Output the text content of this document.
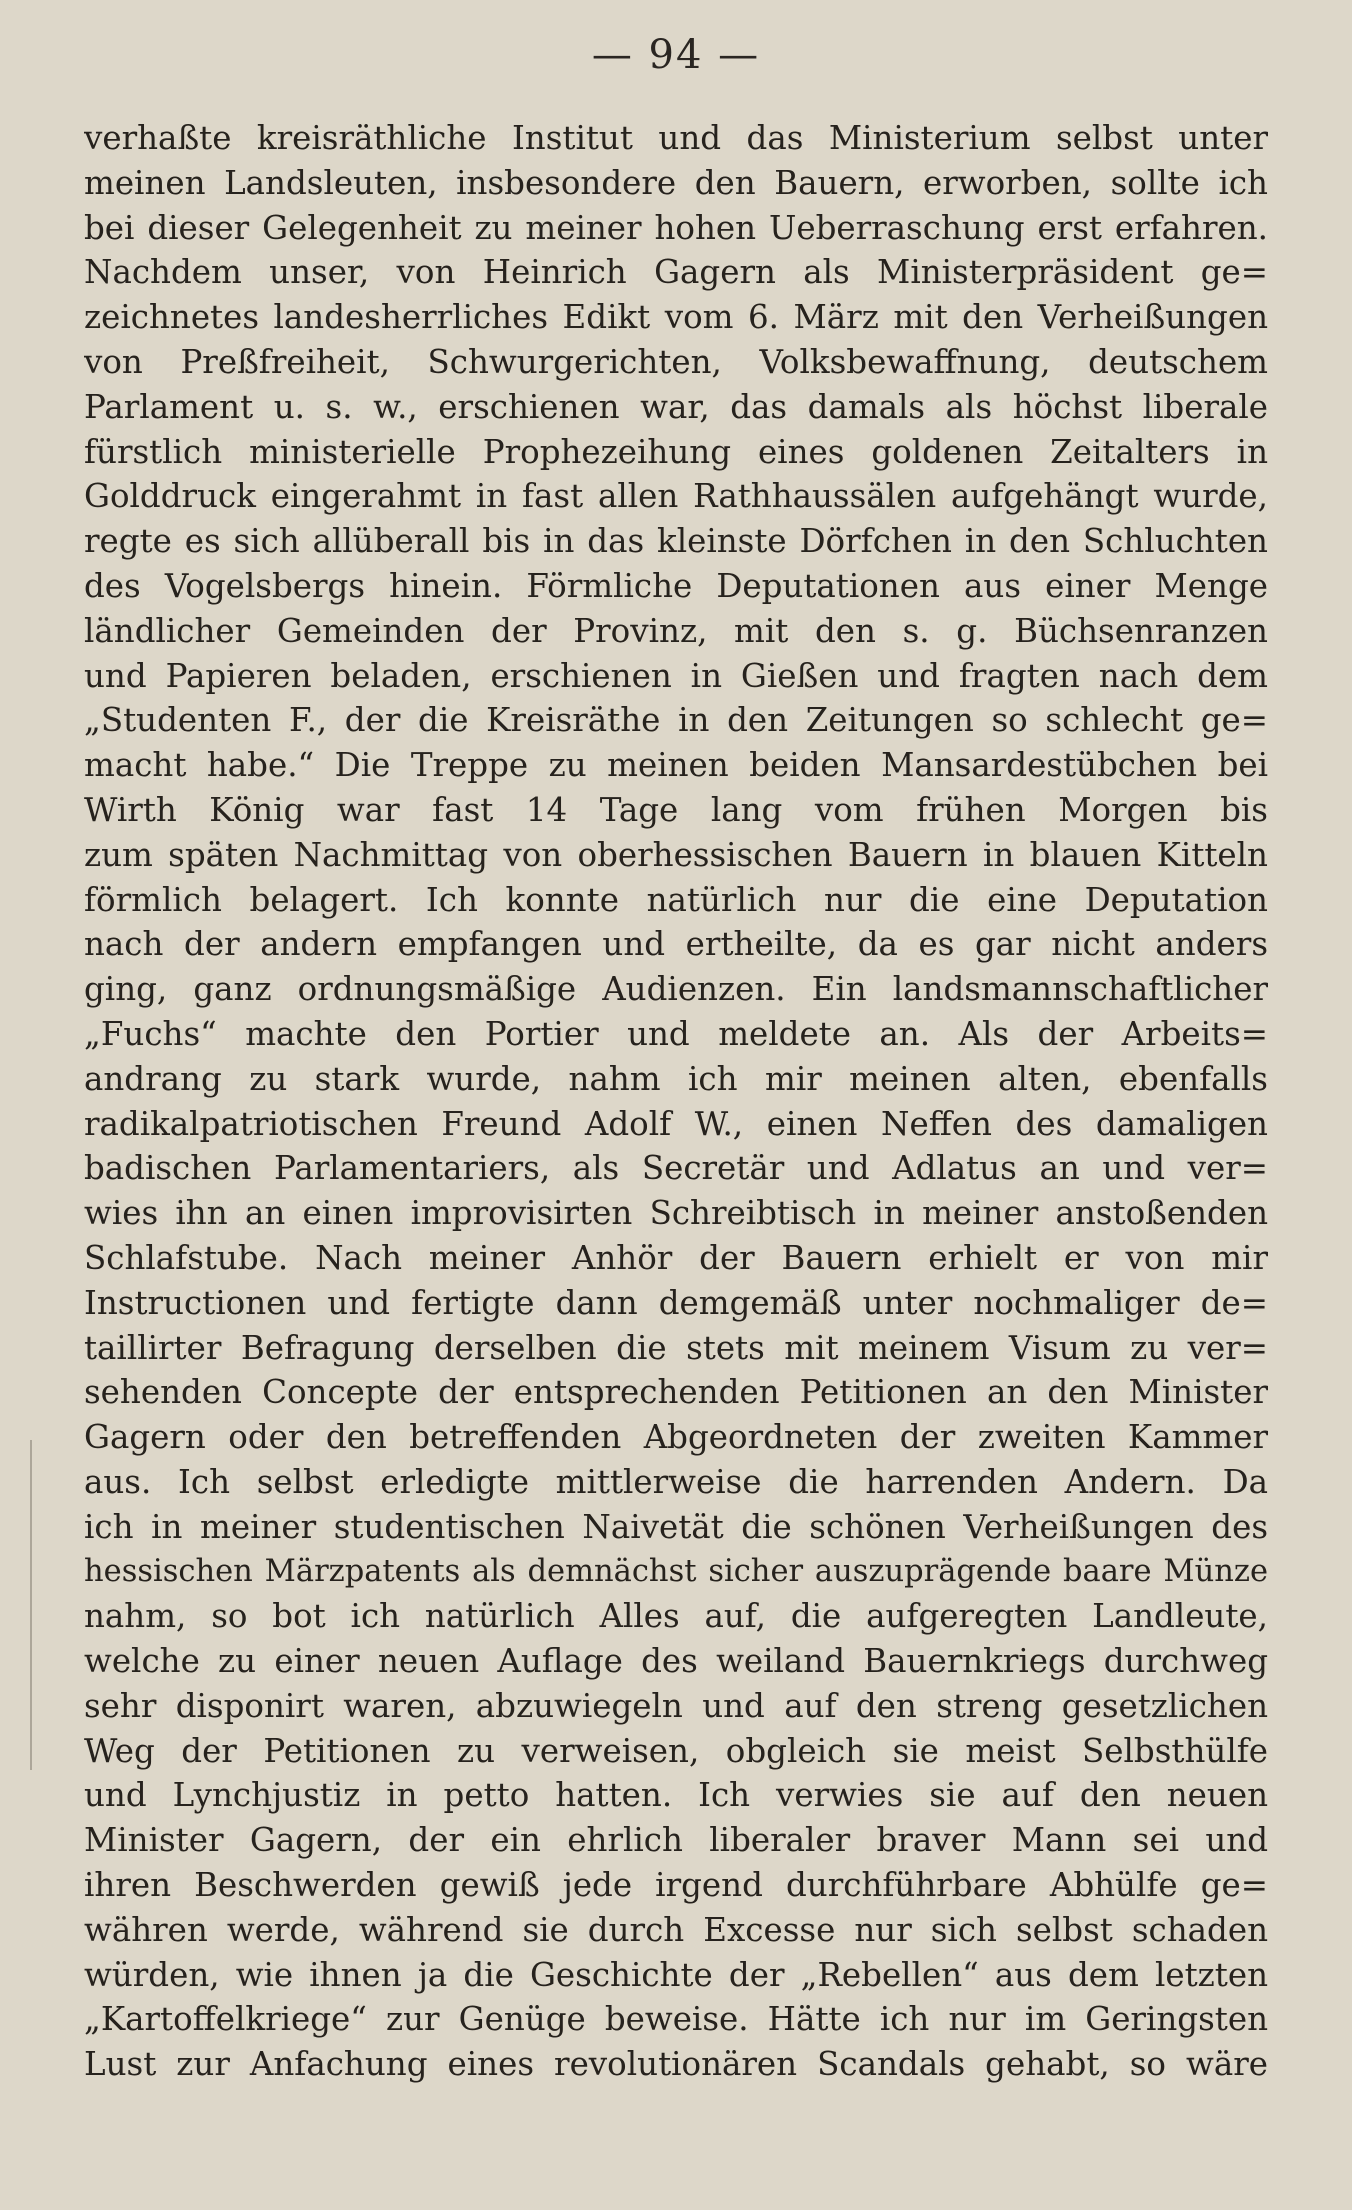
— 94 —
verhaßte kreisräthliche Institut und das Ministerium selbst unter
meinen Landsleuten, insbesondere den Bauern, erworben, sollte ich
bei dieser Gelegenheit zu meiner hohen Ueberraschung erst erfahren.
Nachdem unser, von Heinrich Gagern als Ministerpräsident ge=
zeichnetes landesherrliches Edikt vom 6. März mit den Verheißungen
von Preßfreiheit, Schwurgerichten, Volksbewaffnung, deutschem
Parlament u. s. w., erschienen war, das damals als höchst liberale
fürstlich ministerielle Prophezeihung eines goldenen Zeitalters in
Golddruck eingerahmt in fast allen Rathhaussälen aufgehängt wurde,
regte es sich allüberall bis in das kleinste Dörfchen in den Schluchten
des Vogelsbergs hinein. Förmliche Deputationen aus einer Menge
ländlicher Gemeinden der Provinz, mit den s. g. Büchsenranzen
und Papieren beladen, erschienen in Gießen und fragten nach dem
„Studenten F., der die Kreisräthe in den Zeitungen so schlecht ge=
macht habe.“ Die Treppe zu meinen beiden Mansardestübchen bei
Wirth König war fast 14 Tage lang vom frühen Morgen bis
zum späten Nachmittag von oberhessischen Bauern in blauen Kitteln
förmlich belagert. Ich konnte natürlich nur die eine Deputation
nach der andern empfangen und ertheilte, da es gar nicht anders
ging, ganz ordnungsmäßige Audienzen. Ein landsmannschaftlicher
„Fuchs“ machte den Portier und meldete an. Als der Arbeits=
andrang zu stark wurde, nahm ich mir meinen alten, ebenfalls
radikalpatriotischen Freund Adolf W., einen Neffen des damaligen
badischen Parlamentariers, als Secretär und Adlatus an und ver=
wies ihn an einen improvisirten Schreibtisch in meiner anstoßenden
Schlafstube. Nach meiner Anhör der Bauern erhielt er von mir
Instructionen und fertigte dann demgemäß unter nochmaliger de=
taillirter Befragung derselben die stets mit meinem Visum zu ver=
sehenden Concepte der entsprechenden Petitionen an den Minister
Gagern oder den betreffenden Abgeordneten der zweiten Kammer
aus. Ich selbst erledigte mittlerweise die harrenden Andern. Da
ich in meiner studentischen Naivetät die schönen Verheißungen des
hessischen Märzpatents als demnächst sicher auszuprägende baare Münze
nahm, so bot ich natürlich Alles auf, die aufgeregten Landleute,
welche zu einer neuen Auflage des weiland Bauernkriegs durchweg
sehr disponirt waren, abzuwiegeln und auf den streng gesetzlichen
Weg der Petitionen zu verweisen, obgleich sie meist Selbsthülfe
und Lynchjustiz in petto hatten. Ich verwies sie auf den neuen
Minister Gagern, der ein ehrlich liberaler braver Mann sei und
ihren Beschwerden gewiß jede irgend durchführbare Abhülfe ge=
währen werde, während sie durch Excesse nur sich selbst schaden
würden, wie ihnen ja die Geschichte der „Rebellen“ aus dem letzten
„Kartoffelkriege“ zur Genüge beweise. Hätte ich nur im Geringsten
Lust zur Anfachung eines revolutionären Scandals gehabt, so wäre
